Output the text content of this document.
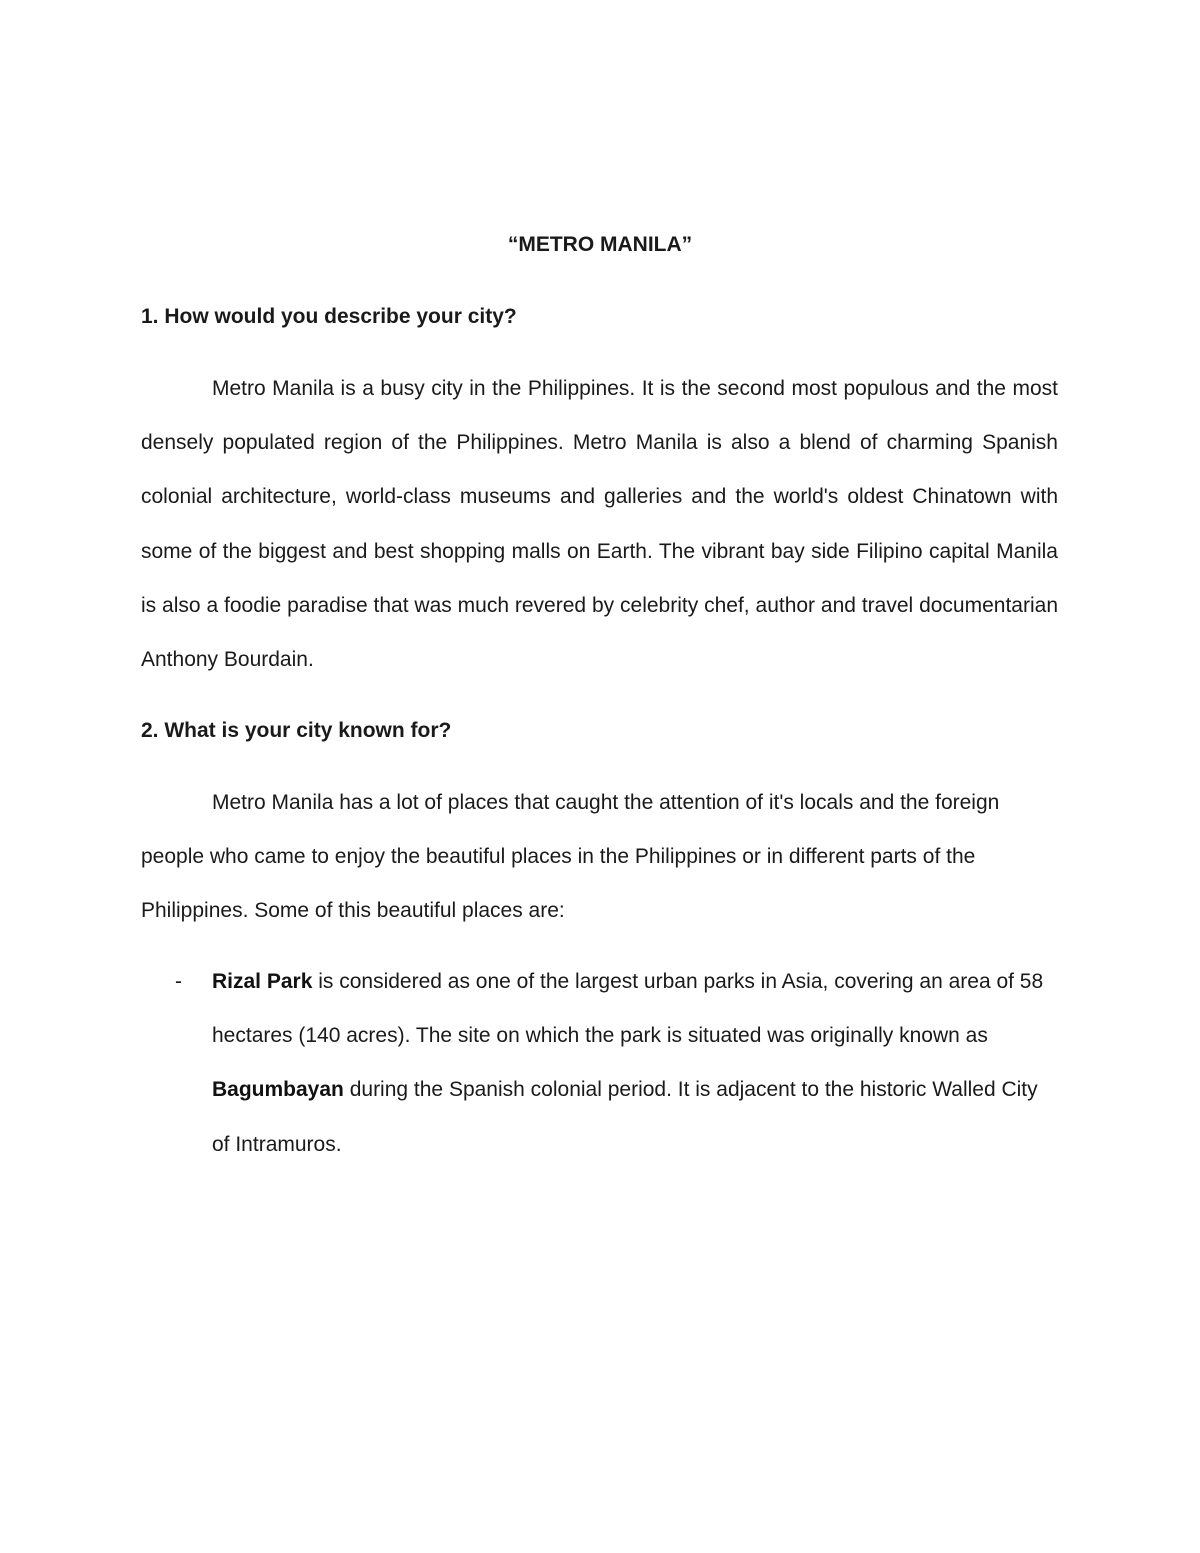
“METRO MANILA”
1. How would you describe your city?

Metro Manila is a busy city in the Philippines. It is the second most populous and the most densely populated region of the Philippines. Metro Manila is also a blend of charming Spanish colonial architecture, world-class museums and galleries and the world's oldest Chinatown with some of the biggest and best shopping malls on Earth. The vibrant bay side Filipino capital Manila is also a foodie paradise that was much revered by celebrity chef, author and travel documentarian Anthony Bourdain.

2. What is your city known for?

Metro Manila has a lot of places that caught the attention of it's locals and the foreign people who came to enjoy the beautiful places in the Philippines or in different parts of the Philippines. Some of this beautiful places are:

- Rizal Park is considered as one of the largest urban parks in Asia, covering an area of 58 hectares (140 acres). The site on which the park is situated was originally known as Bagumbayan during the Spanish colonial period. It is adjacent to the historic Walled City of Intramuros.
